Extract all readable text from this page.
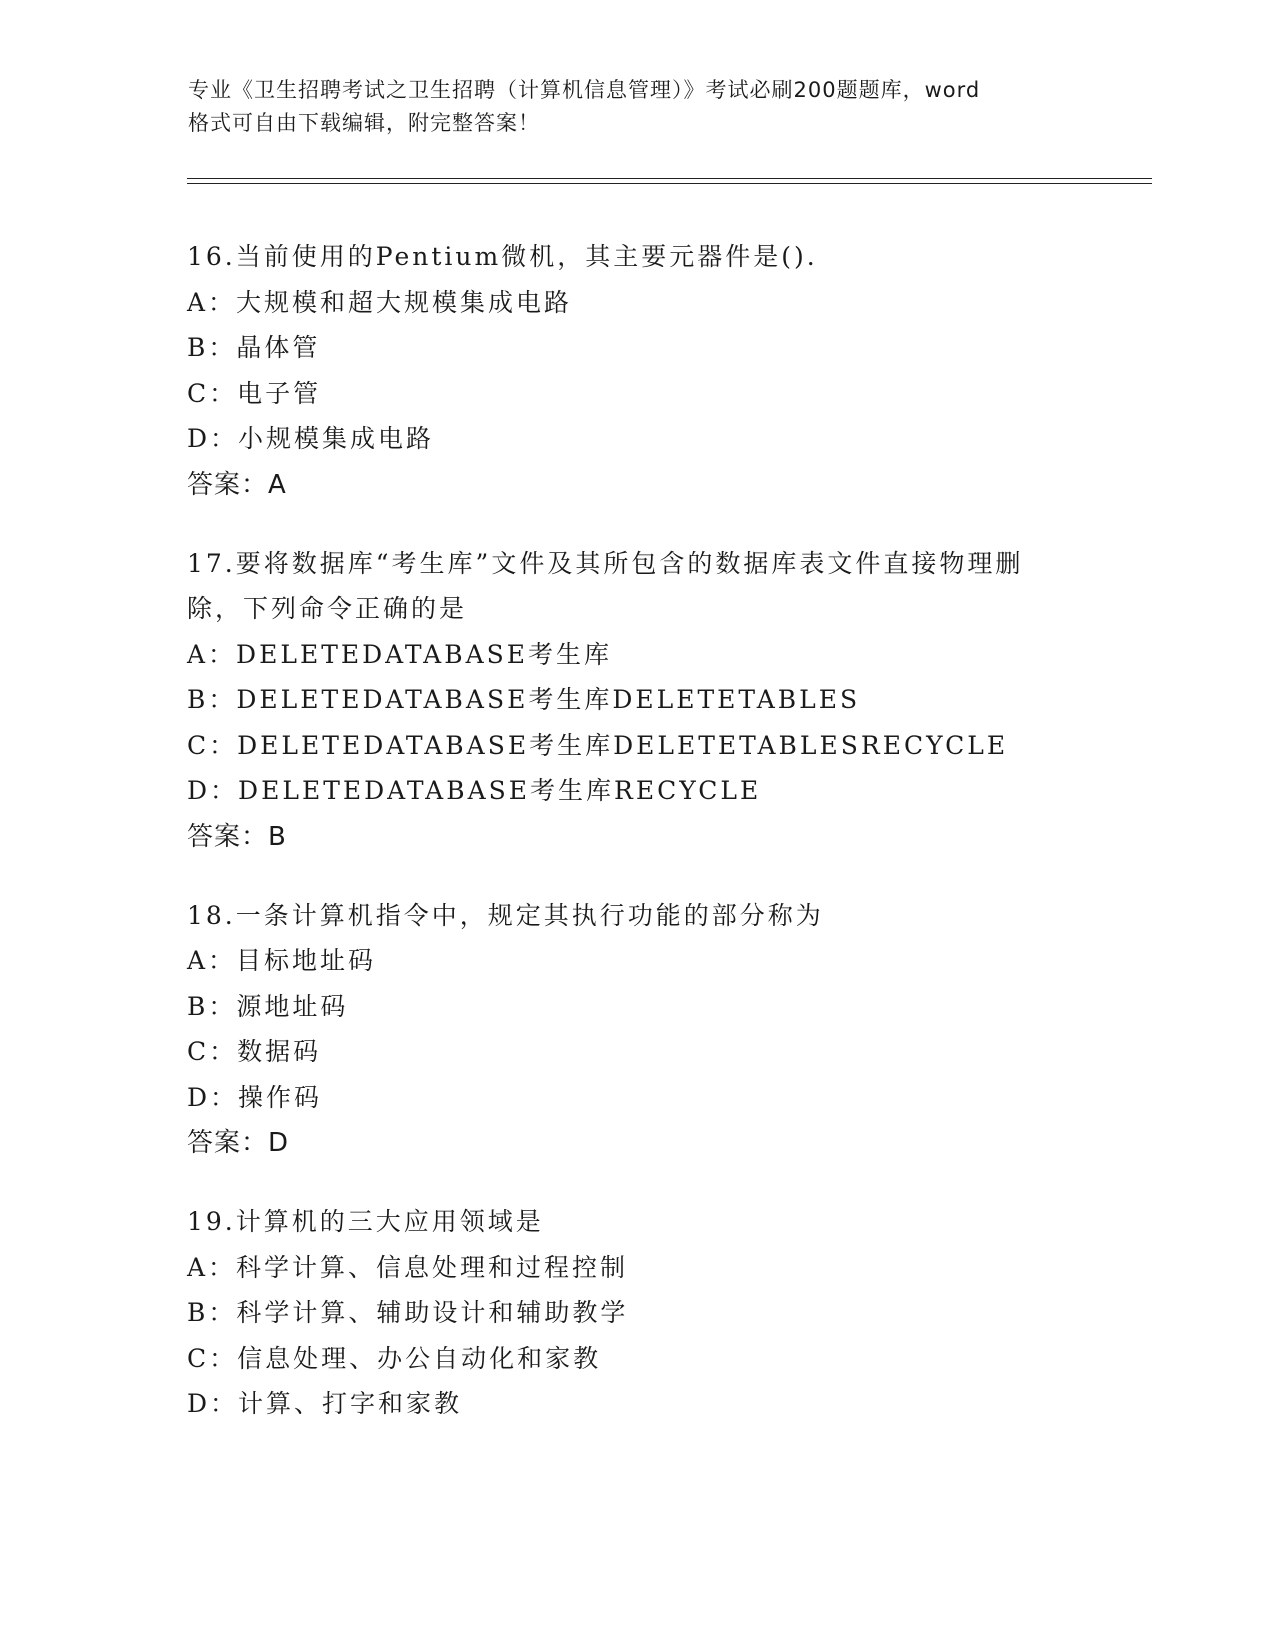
专业《卫生招聘考试之卫生招聘（计算机信息管理）》考试必刷200题题库，word
格式可自由下载编辑，附完整答案！
16.当前使用的Pentium微机，其主要元器件是().
A：大规模和超大规模集成电路
B：晶体管
C：电子管
D：小规模集成电路
答案：A
17.要将数据库“考生库”文件及其所包含的数据库表文件直接物理删
除，下列命令正确的是
A：DELETEDATABASE考生库
B：DELETEDATABASE考生库DELETETABLES
C：DELETEDATABASE考生库DELETETABLESRECYCLE
D：DELETEDATABASE考生库RECYCLE
答案：B
18.一条计算机指令中，规定其执行功能的部分称为
A：目标地址码
B：源地址码
C：数据码
D：操作码
答案：D
19.计算机的三大应用领域是
A：科学计算、信息处理和过程控制
B：科学计算、辅助设计和辅助教学
C：信息处理、办公自动化和家教
D：计算、打字和家教
